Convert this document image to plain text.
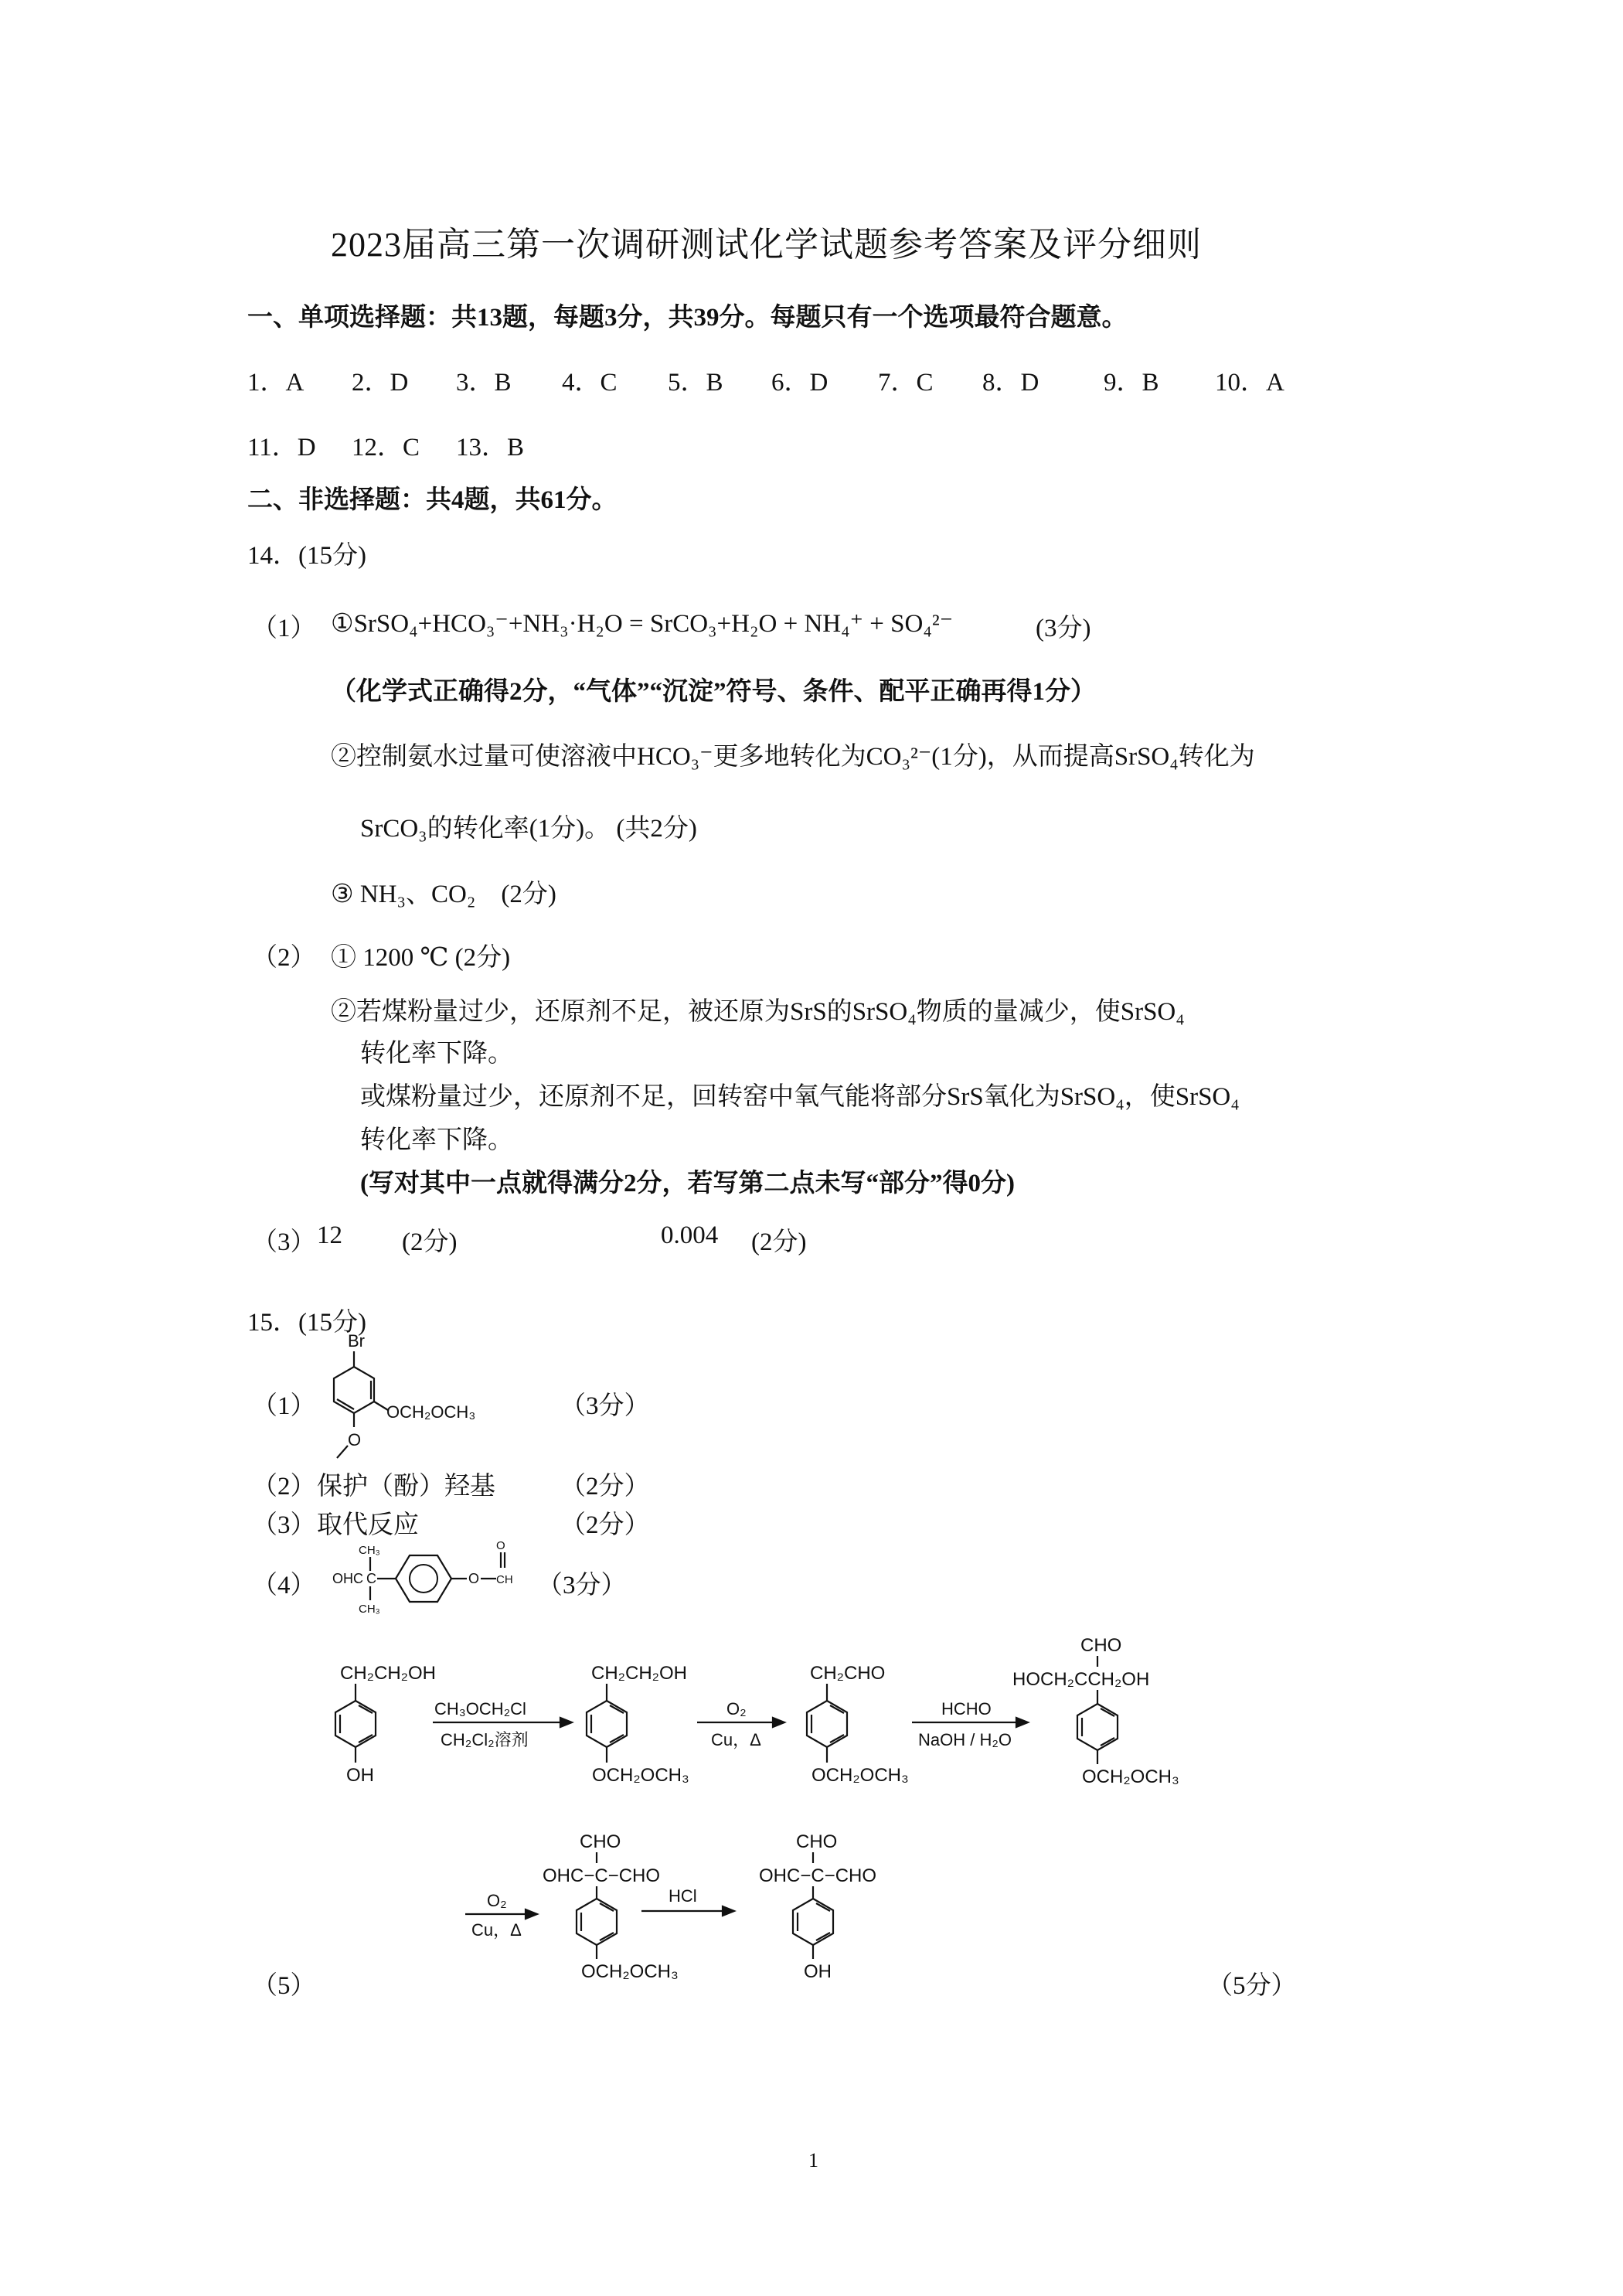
2023届高三第一次调研测试化学试题参考答案及评分细则
一、单项选择题：共13题，每题3分，共39分。每题只有一个选项最符合题意。
1．A 2．D 3．B 4．C 5．B 6．D 7．C 8．D	9．B 10．A
11．D 12．C 13．B
二、非选择题：共4题，共61分。
14．(15分)
（1） ①SrSO₄+HCO₃⁻+NH₃·H₂O = SrCO₃+H₂O + NH₄⁺ + SO₄²⁻	(3分)
（化学式正确得2分，“气体”“沉淀”符号、条件、配平正确再得1分）
②控制氨水过量可使溶液中HCO₃⁻更多地转化为CO₃²⁻(1分)，从而提高SrSO₄转化为
SrCO₃的转化率(1分)。 (共2分)
③ NH₃、CO₂　(2分)
（2） ① 1200 ℃ (2分)
②若煤粉量过少，还原剂不足，被还原为SrS的SrSO₄物质的量减少，使SrSO₄
转化率下降。
或煤粉量过少，还原剂不足，回转窑中氧气能将部分SrS氧化为SrSO₄，使SrSO₄
转化率下降。
(写对其中一点就得满分2分，若写第二点未写“部分”得0分)
（3） 12 (2分)	0.004 (2分)
15．(15分)
（1）
Br
OCH₂OCH₃
O
（3分）
（2） 保护（酚）羟基	（2分）
（3） 取代反应	（2分）
（4） OHC C
CH₃
CH₃
O CH
O
（3分）
CH₂CH₂OH
OH
CH₃OCH₂Cl
CH₂Cl₂溶剂
CH₂CH₂OH
OCH₂OCH₃
O₂
Cu，Δ
CH₂CHO
OCH₂OCH₃
HCHO
NaOH / H₂O
CHO
HOCH₂CCH₂OH
OCH₂OCH₃
O₂
Cu，Δ
CHO
OHC−C−CHO
OCH₂OCH₃
HCl
CHO
OHC−C−CHO
OH
（5）	（5分）
1
